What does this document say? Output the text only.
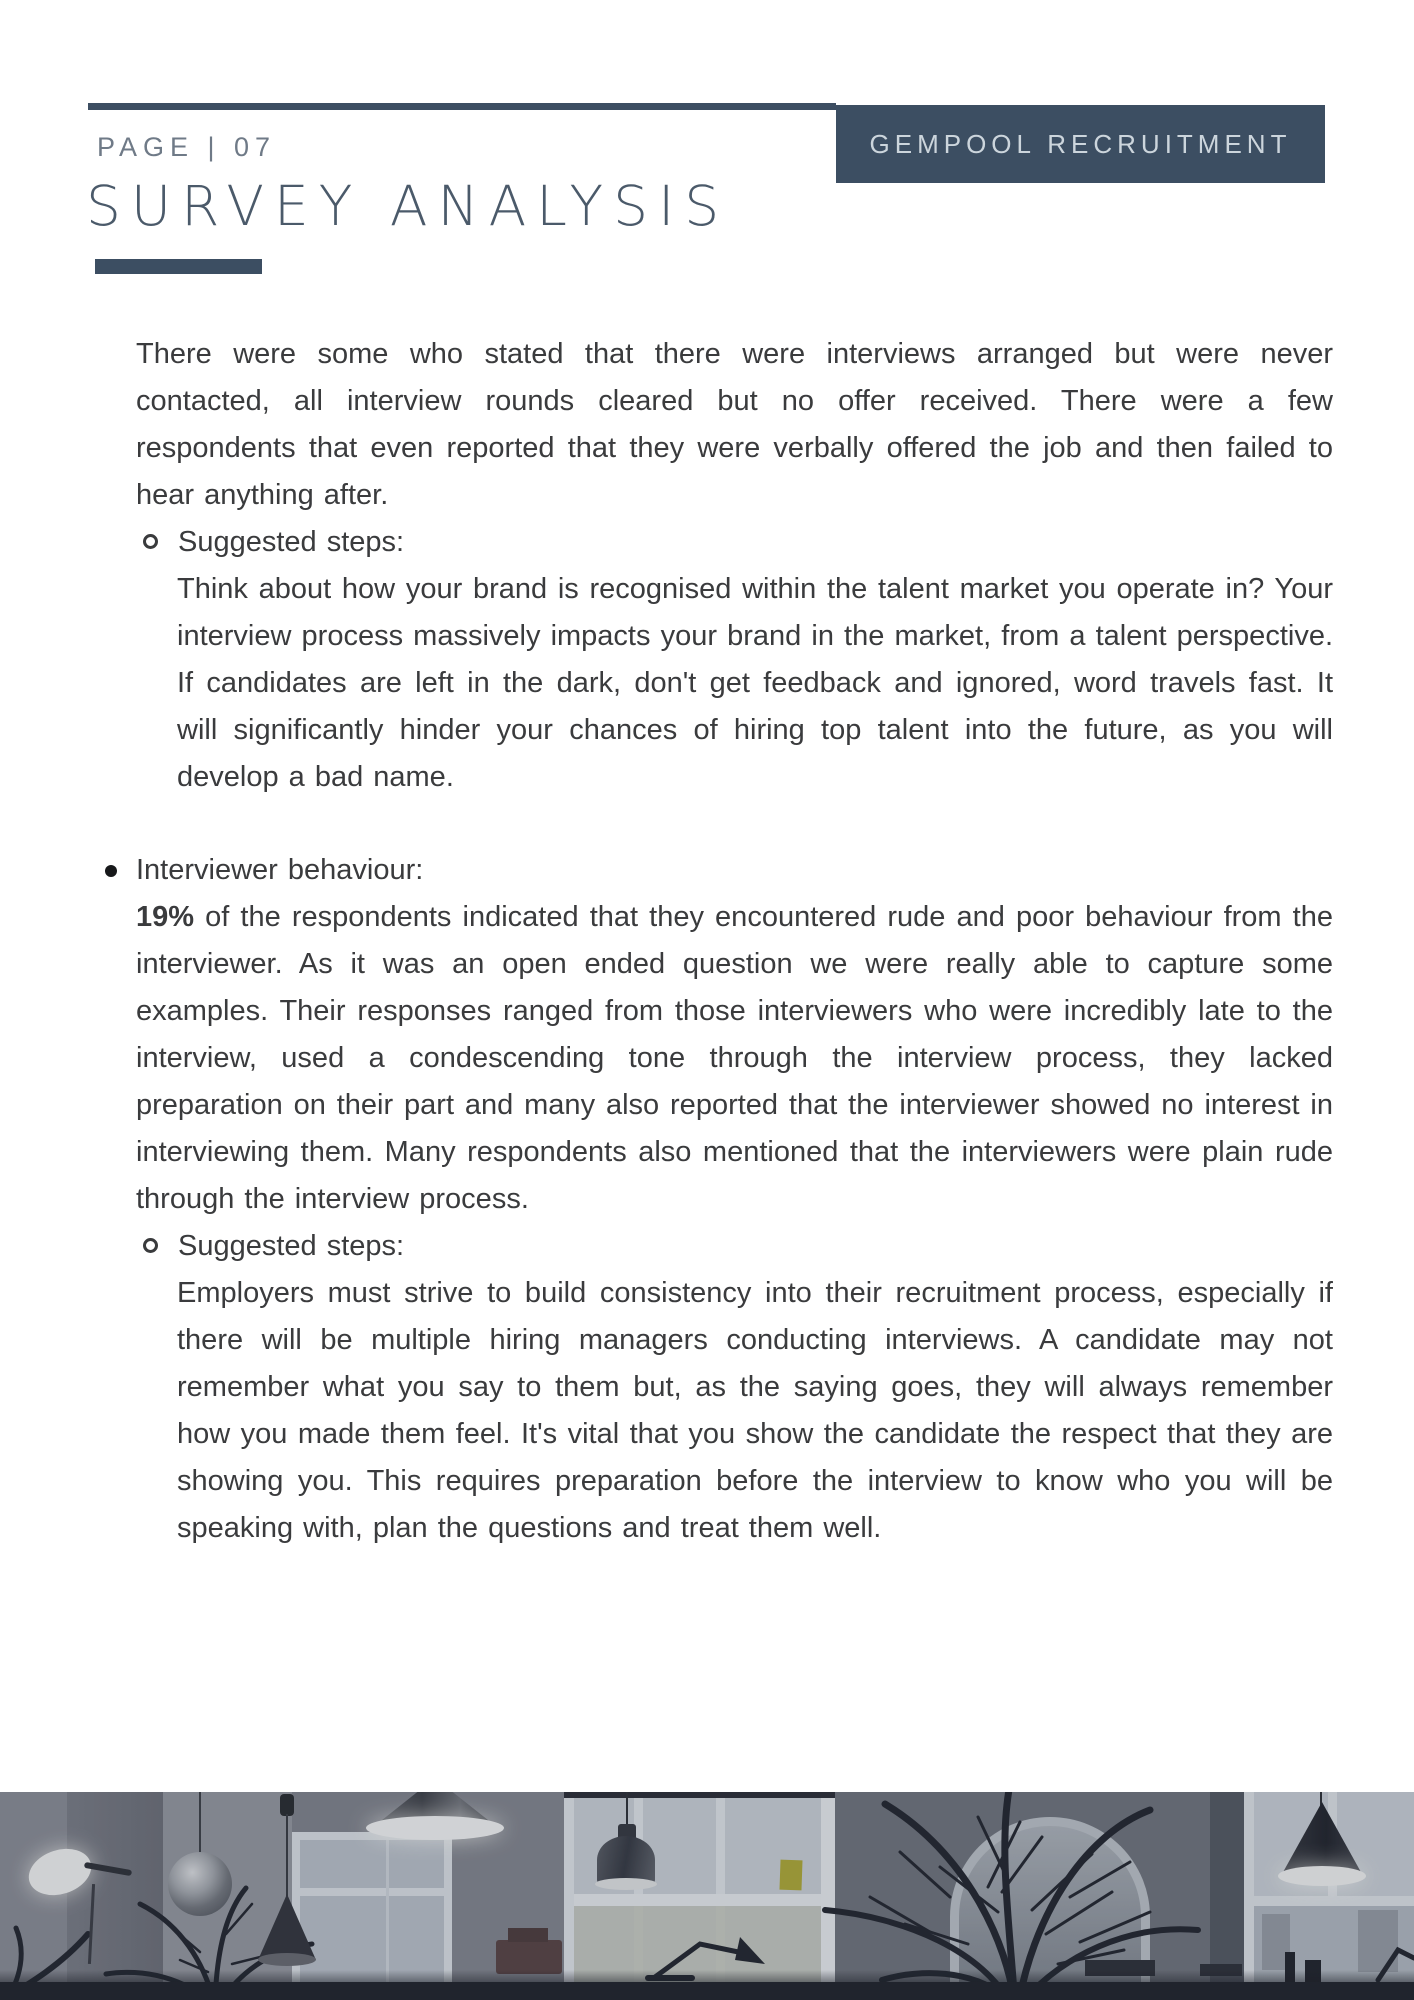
GEMPOOL RECRUITMENT
PAGE | 07
SURVEY ANALYSIS

There were some who stated that there were interviews arranged but were never contacted, all interview rounds cleared but no offer received. There were a few respondents that even reported that they were verbally offered the job and then failed to hear anything after.

Suggested steps:

Think about how your brand is recognised within the talent market you operate in? Your interview process massively impacts your brand in the market, from a talent perspective. If candidates are left in the dark, don't get feedback and ignored, word travels fast. It will significantly hinder your chances of hiring top talent into the future, as you will develop a bad name.

Interviewer behaviour:

19% of the respondents indicated that they encountered rude and poor behaviour from the interviewer. As it was an open ended question we were really able to capture some examples. Their responses ranged from those interviewers who were incredibly late to the interview, used a condescending tone through the interview process, they lacked preparation on their part and many also reported that the interviewer showed no interest in interviewing them. Many respondents also mentioned that the interviewers were plain rude through the interview process.

Suggested steps:

Employers must strive to build consistency into their recruitment process, especially if there will be multiple hiring managers conducting interviews. A candidate may not remember what you say to them but, as the saying goes, they will always remember how you made them feel. It's vital that you show the candidate the respect that they are showing you. This requires preparation before the interview to know who you will be speaking with, plan the questions and treat them well.
